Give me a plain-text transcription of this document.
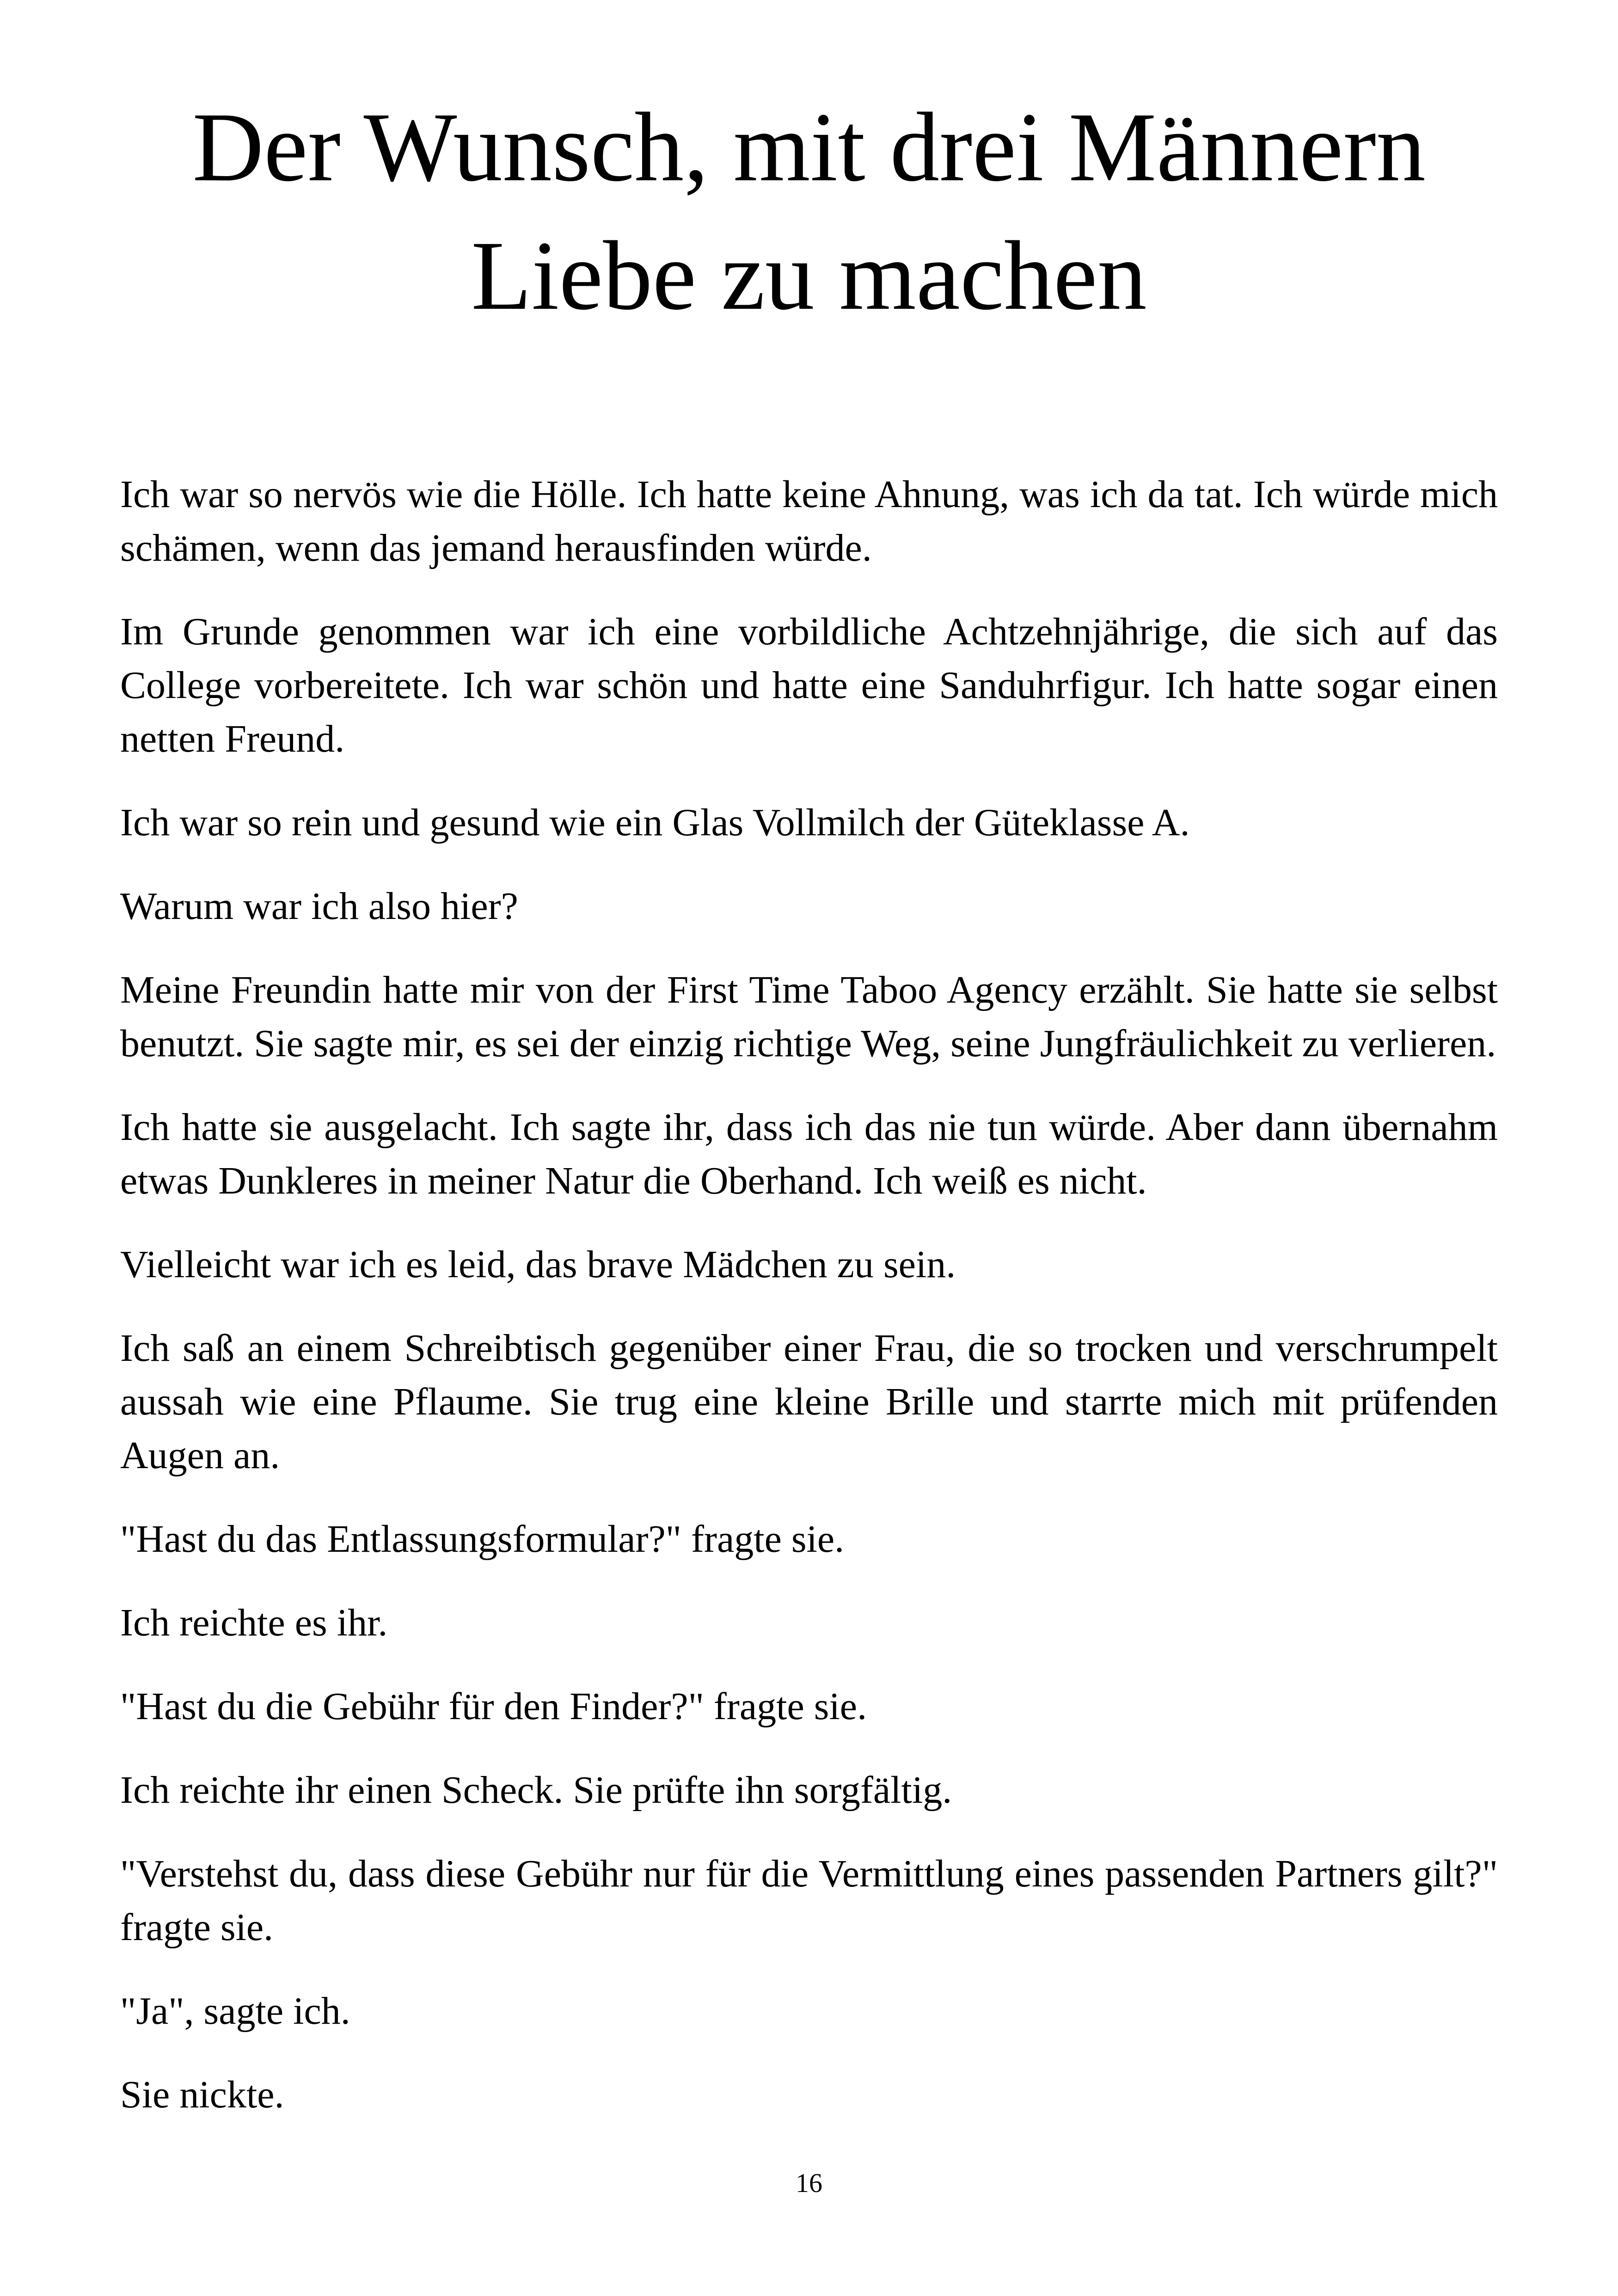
Der Wunsch, mit drei Männern
Liebe zu machen

Ich war so nervös wie die Hölle. Ich hatte keine Ahnung, was ich da tat. Ich würde mich schämen, wenn das jemand herausfinden würde.

Im Grunde genommen war ich eine vorbildliche Achtzehnjährige, die sich auf das College vorbereitete. Ich war schön und hatte eine Sanduhrfigur. Ich hatte sogar einen netten Freund.

Ich war so rein und gesund wie ein Glas Vollmilch der Güteklasse A.

Warum war ich also hier?

Meine Freundin hatte mir von der First Time Taboo Agency erzählt. Sie hatte sie selbst benutzt. Sie sagte mir, es sei der einzig richtige Weg, seine Jungfräulichkeit zu verlieren.

Ich hatte sie ausgelacht. Ich sagte ihr, dass ich das nie tun würde. Aber dann übernahm etwas Dunkleres in meiner Natur die Oberhand. Ich weiß es nicht.

Vielleicht war ich es leid, das brave Mädchen zu sein.

Ich saß an einem Schreibtisch gegenüber einer Frau, die so trocken und verschrumpelt aussah wie eine Pflaume. Sie trug eine kleine Brille und starrte mich mit prüfenden Augen an.

"Hast du das Entlassungsformular?" fragte sie.

Ich reichte es ihr.

"Hast du die Gebühr für den Finder?" fragte sie.

Ich reichte ihr einen Scheck. Sie prüfte ihn sorgfältig.

"Verstehst du, dass diese Gebühr nur für die Vermittlung eines passenden Partners gilt?" fragte sie.

"Ja", sagte ich.

Sie nickte.

16
